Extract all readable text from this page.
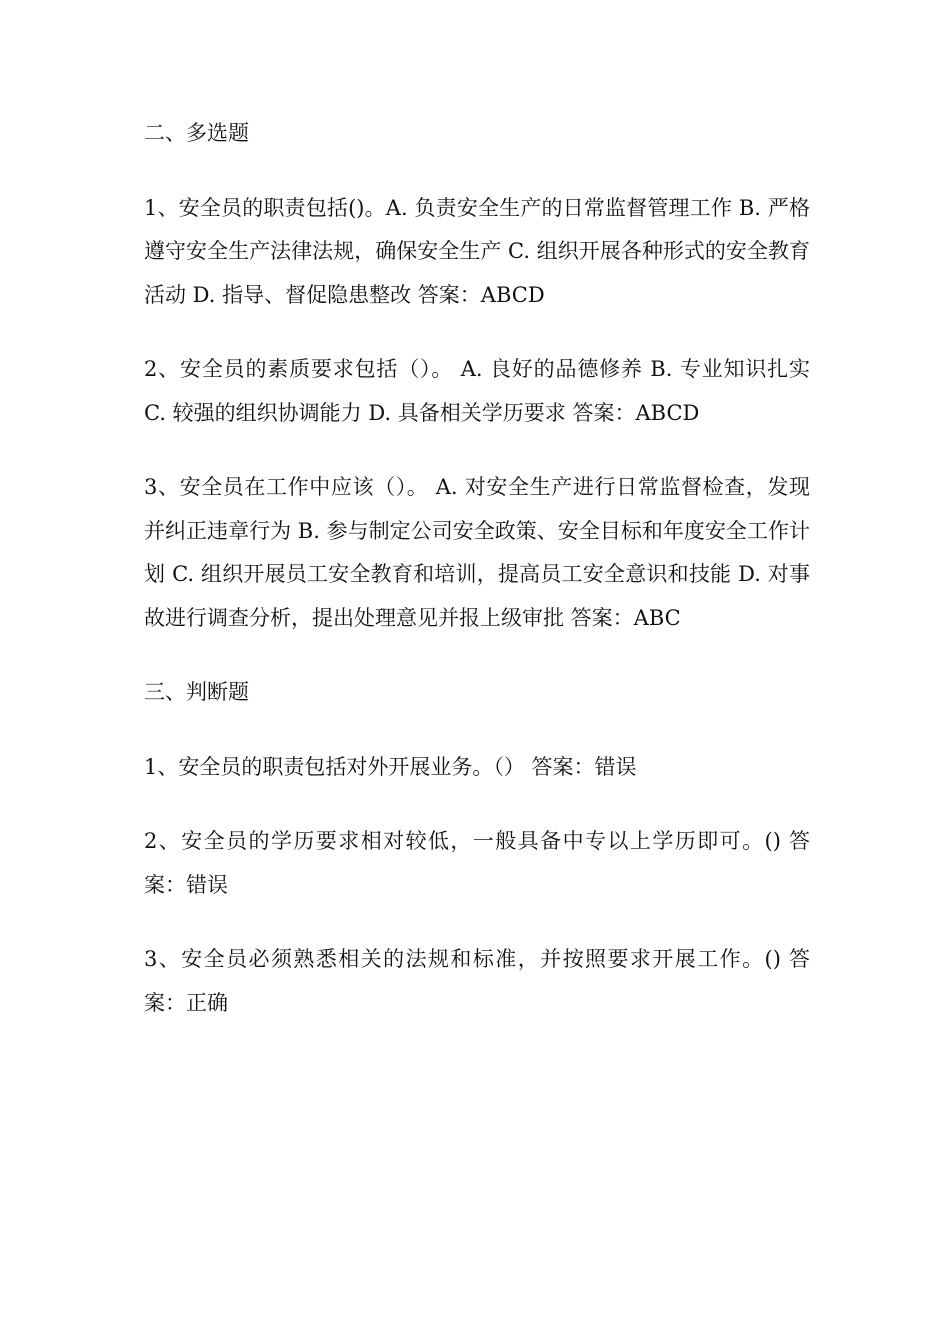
二、多选题
1、安全员的职责包括()。A. 负责安全生产的日常监督管理工作 B. 严格遵守安全生产法律法规，确保安全生产 C. 组织开展各种形式的安全教育活动 D. 指导、督促隐患整改 答案：ABCD
2、安全员的素质要求包括（）。 A. 良好的品德修养 B. 专业知识扎实 C. 较强的组织协调能力 D. 具备相关学历要求 答案：ABCD
3、安全员在工作中应该（）。 A. 对安全生产进行日常监督检查，发现并纠正违章行为 B. 参与制定公司安全政策、安全目标和年度安全工作计划 C. 组织开展员工安全教育和培训，提高员工安全意识和技能 D. 对事故进行调查分析，提出处理意见并报上级审批 答案：ABC
三、判断题
1、安全员的职责包括对外开展业务。（） 答案：错误
2、安全员的学历要求相对较低，一般具备中专以上学历即可。() 答案：错误
3、安全员必须熟悉相关的法规和标准，并按照要求开展工作。() 答案：正确
